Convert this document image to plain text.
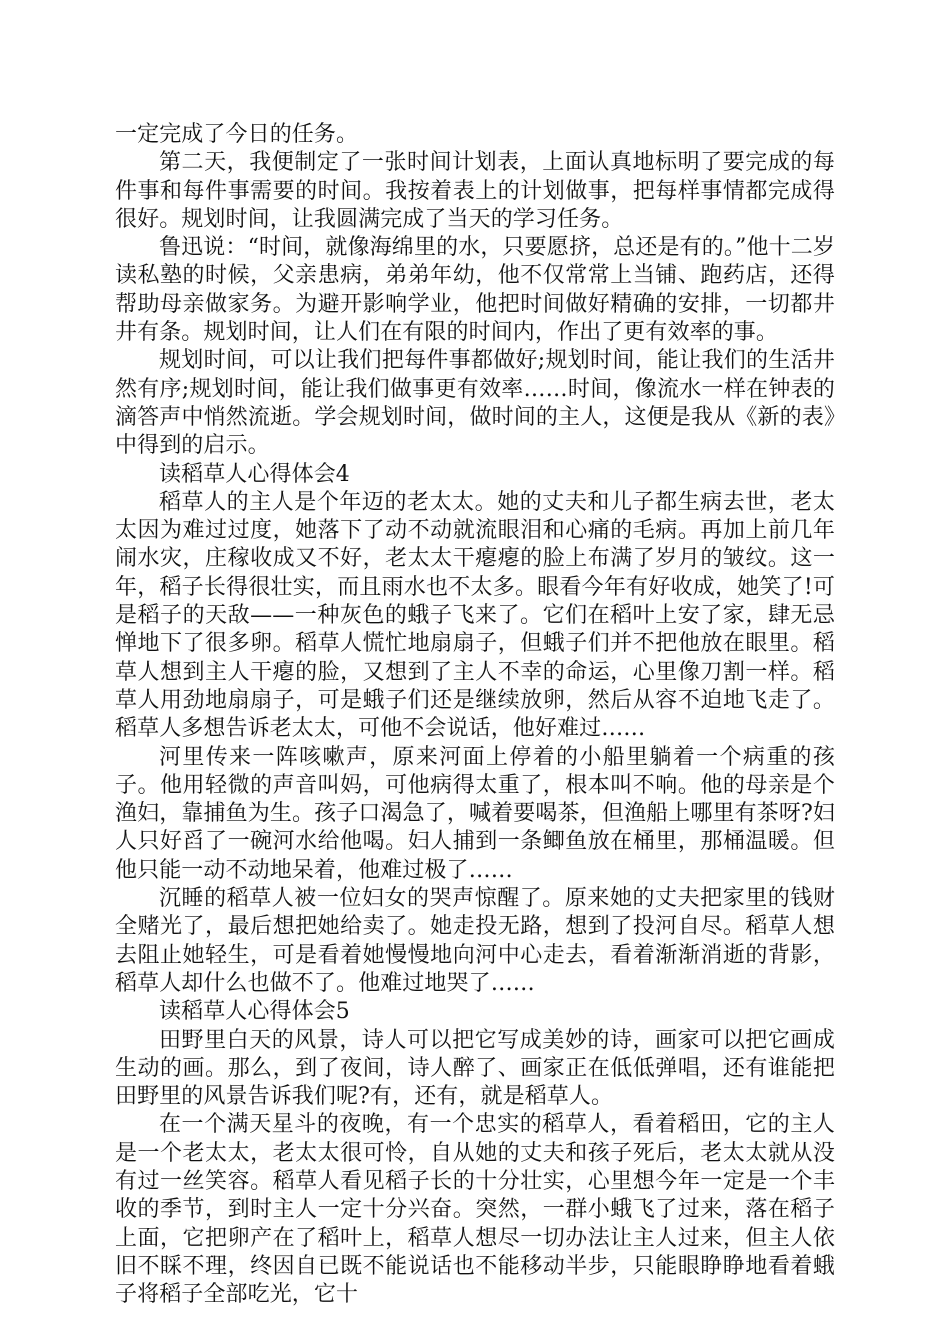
一定完成了今日的任务。

第二天，我便制定了一张时间计划表，上面认真地标明了要完成的每件事和每件事需要的时间。我按着表上的计划做事，把每样事情都完成得很好。规划时间，让我圆满完成了当天的学习任务。

鲁迅说：“时间，就像海绵里的水，只要愿挤，总还是有的。”他十二岁读私塾的时候，父亲患病，弟弟年幼，他不仅常常上当铺、跑药店，还得帮助母亲做家务。为避开影响学业，他把时间做好精确的安排，一切都井井有条。规划时间，让人们在有限的时间内，作出了更有效率的事。

规划时间，可以让我们把每件事都做好;规划时间，能让我们的生活井然有序;规划时间，能让我们做事更有效率……时间，像流水一样在钟表的滴答声中悄然流逝。学会规划时间，做时间的主人，这便是我从《新的表》中得到的启示。

读稻草人心得体会4

稻草人的主人是个年迈的老太太。她的丈夫和儿子都生病去世，老太太因为难过过度，她落下了动不动就流眼泪和心痛的毛病。再加上前几年闹水灾，庄稼收成又不好，老太太干瘪瘪的脸上布满了岁月的皱纹。这一年，稻子长得很壮实，而且雨水也不太多。眼看今年有好收成，她笑了!可是稻子的天敌——一种灰色的蛾子飞来了。它们在稻叶上安了家，肆无忌惮地下了很多卵。稻草人慌忙地扇扇子，但蛾子们并不把他放在眼里。稻草人想到主人干瘪的脸，又想到了主人不幸的命运，心里像刀割一样。稻草人用劲地扇扇子，可是蛾子们还是继续放卵，然后从容不迫地飞走了。稻草人多想告诉老太太，可他不会说话，他好难过……

河里传来一阵咳嗽声，原来河面上停着的小船里躺着一个病重的孩子。他用轻微的声音叫妈，可他病得太重了，根本叫不响。他的母亲是个渔妇，靠捕鱼为生。孩子口渴急了，喊着要喝茶，但渔船上哪里有茶呀?妇人只好舀了一碗河水给他喝。妇人捕到一条鲫鱼放在桶里，那桶温暖。但他只能一动不动地呆着，他难过极了……

沉睡的稻草人被一位妇女的哭声惊醒了。原来她的丈夫把家里的钱财全赌光了，最后想把她给卖了。她走投无路，想到了投河自尽。稻草人想去阻止她轻生，可是看着她慢慢地向河中心走去，看着渐渐消逝的背影，稻草人却什么也做不了。他难过地哭了……

读稻草人心得体会5

田野里白天的风景，诗人可以把它写成美妙的诗，画家可以把它画成生动的画。那么，到了夜间，诗人醉了、画家正在低低弹唱，还有谁能把田野里的风景告诉我们呢?有，还有，就是稻草人。

在一个满天星斗的夜晚，有一个忠实的稻草人，看着稻田，它的主人是一个老太太，老太太很可怜，自从她的丈夫和孩子死后，老太太就从没有过一丝笑容。稻草人看见稻子长的十分壮实，心里想今年一定是一个丰收的季节，到时主人一定十分兴奋。突然，一群小蛾飞了过来，落在稻子上面，它把卵产在了稻叶上，稻草人想尽一切办法让主人过来，但主人依旧不睬不理，终因自已既不能说话也不能移动半步，只能眼睁睁地看着蛾子将稻子全部吃光，它十
